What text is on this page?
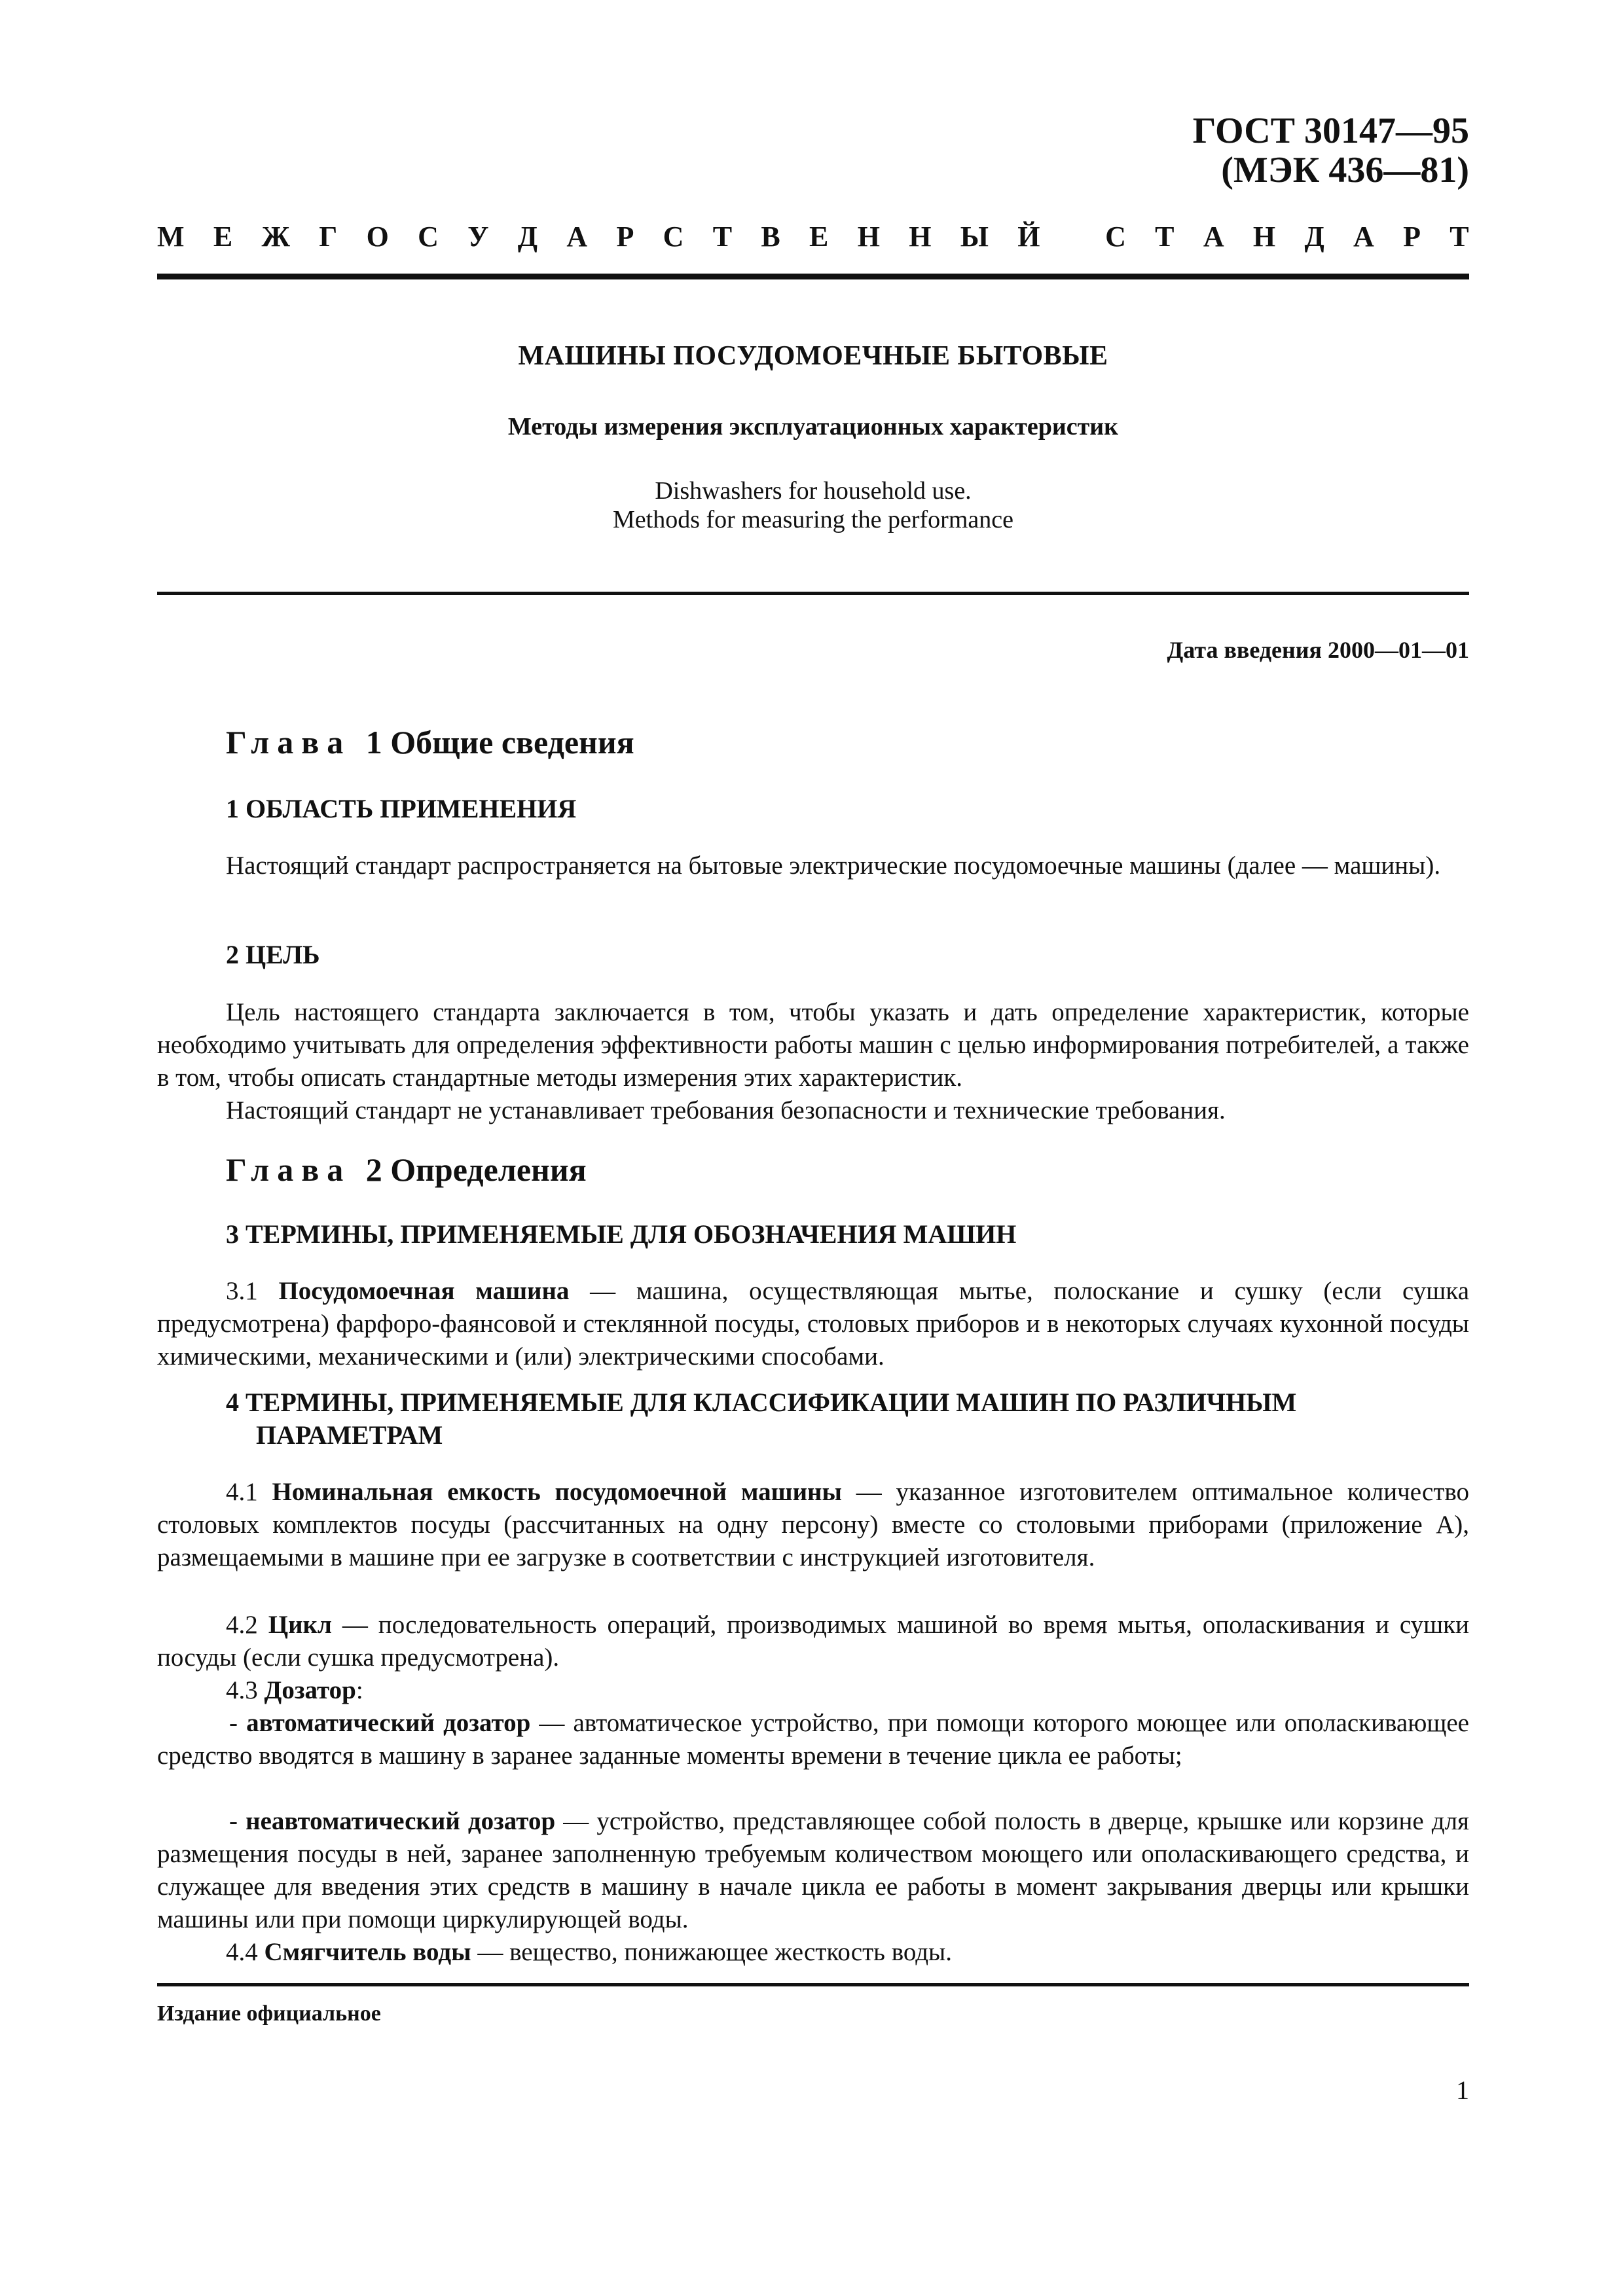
ГОСТ 30147—95
(МЭК 436—81)
М Е Ж Г О С У Д А Р С Т В Е Н Н Ы Й
С Т А Н Д А Р Т
МАШИНЫ ПОСУДОМОЕЧНЫЕ БЫТОВЫЕ
Методы измерения эксплуатационных характеристик
Dishwashers for household use.
Methods for measuring the performance
Дата введения 2000—01—01
Глава 1 Общие сведения
1 ОБЛАСТЬ ПРИМЕНЕНИЯ
Настоящий стандарт распространяется на бытовые электрические посудомоечные машины (далее — машины).
2 ЦЕЛЬ
Цель настоящего стандарта заключается в том, чтобы указать и дать определение характеристик, которые необходимо учитывать для определения эффективности работы машин с целью информирования потребителей, а также в том, чтобы описать стандартные методы измерения этих характеристик.
Настоящий стандарт не устанавливает требования безопасности и технические требования.
Глава 2 Определения
3 ТЕРМИНЫ, ПРИМЕНЯЕМЫЕ ДЛЯ ОБОЗНАЧЕНИЯ МАШИН
3.1 Посудомоечная машина — машина, осуществляющая мытье, полоскание и сушку (если сушка предусмотрена) фарфоро-фаянсовой и стеклянной посуды, столовых приборов и в некоторых случаях кухонной посуды химическими, механическими и (или) электрическими способами.
4 ТЕРМИНЫ, ПРИМЕНЯЕМЫЕ ДЛЯ КЛАССИФИКАЦИИ МАШИН ПО РАЗЛИЧНЫМ
ПАРАМЕТРАМ
4.1 Номинальная емкость посудомоечной машины — указанное изготовителем оптимальное количество столовых комплектов посуды (рассчитанных на одну персону) вместе со столовыми приборами (приложение А), размещаемыми в машине при ее загрузке в соответствии с инструкцией изготовителя.
4.2 Цикл — последовательность операций, производимых машиной во время мытья, ополаскивания и сушки посуды (если сушка предусмотрена).
4.3 Дозатор:
- автоматический дозатор — автоматическое устройство, при помощи которого моющее или ополаскивающее средство вводятся в машину в заранее заданные моменты времени в течение цикла ее работы;
- неавтоматический дозатор — устройство, представляющее собой полость в дверце, крышке или корзине для размещения посуды в ней, заранее заполненную требуемым количеством моющего или ополаскивающего средства, и служащее для введения этих средств в машину в начале цикла ее работы в момент закрывания дверцы или крышки машины или при помощи циркулирующей воды.
4.4 Смягчитель воды — вещество, понижающее жесткость воды.
Издание официальное
1
